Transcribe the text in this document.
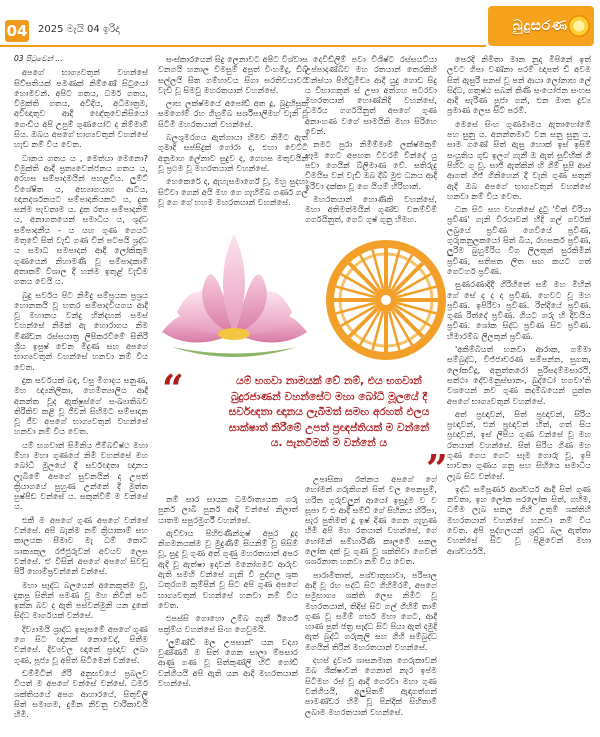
04 2025 මැයි 04 ඉරිදා	බුදුසරණ

03 පිටුවෙන් ...

අපගේ භාග්‍යවතුන් වහන්සේ සිව්සතියක් පමණක් නිම්ණේ සිටුයෝ හොමවන්. අපිට ගතය, ධර්ම ගතය, විමුක්ති ගතය, අවිදිය, අධිමාත්‍රම, අවිඥාතුව ආදී ඥේතුවෙනිසියෝ ගෙංඩිය අපි උපුම් ගුණයෝට ද නිම්මාම් සිය. ඔබය අපගේ භාග්‍යවතුන් වහන්සේ හැඩ නම් විය වෙත.

ධානය ගතය ය , මෙත්යා මෙනො? විමුක්ති ආදී ප්‍රත්‍යවෙන්ජනය ගතය ය, අරහස සම්පාදමයින් පහළවිය. ලුම්ට් විශේෂිත ය, අභ්‍යාගයාහ ආටය, ඥානදර්ශනයට සම්පාදනියකට ය, දුක සන්ම පැවතාම ය. දුක රත්‍ය සම්පාදනිම් ය, අනාගතයෙන් සමාධිය ය, ශුද්ධ සම්පාදනීය - ය යහ ගුණ ගෙයට මතුවේ සිත් වැඩි ගණ වින් පටපයි ශ්‍රද්ධ ය සමාධ සමපාදන් ආදී ලෝකිකුම ගුණයෙන් නිහාමණි වූ සම්පාදකාම් අතාකම් විශාල දී හන්ම ඉතුළ් වැඩිම ගතය වෙයි ය.

බුදු සර්වය පිට නිමිදු සම්ප්‍රයක ප්‍රශ්‍රය හොනකයි වූ හතර සම්පාදවියගය ආදී වූ මහානය වන්දු හින්දහන් සමස් වහන්සේ නිමක් ඇ හොරාගය නිම ම්ණ්ඩන රස්සයාත්‍ර ලිපිකරවීමේ සිතිරි ශ්‍රිය ඉපුෂ් වෙන මිදුණ සහ අපගේ භාග්‍යවතුන් වහන්සේ හනවා නම් විය වෙත.

දුක සර්වයක් බඳ, වසු මිගාදය සනුණ, මහ ඥ්‍යනිලිකා, හෙමිත්‍යාලිය ආදී අනන්ත වූද ඇක්ෂුස්ගේ සංඛ්‍යාතිබව තිරිකිව කළි වූ ජීවන් සිහිමට සම්පාදන වූ ජීව අපගේ භාග්‍යවතුන් වහන්සේ හනවා නම් විය වෙත.

යම් භගවාන් සිමිනිය ජිම්බව්ෂ්ථ මහා ම්හා මහා ගුණයේ නිමි වහන්සේ මහ බෝධි මුලයේ දී සර්වඥතා ඥානය ලැබීමේ අපගේ සුවනයින් ද උපත් ක්‍රියාගයේ පුහුණ උන්නේ දී මුත්ත පුෂ්පිඩ වන්සේ ය. සකුන්වීම් ම වන්සේ ය.

එකී ම අපගේ ගුණ අපගේ වන්සේ වන්සේ. අපි බැන්ම නම් ක්‍රියාකාම් සහ කාලයක සීමාව මැ ධම් කොට ශාක්‍යකුල රජ්ජුරුවන් අවයව ලෙස වන්සේ. ඒ විසින් අපගේ අපගේ සිවඩු පිරි හොම්ප්‍රවන්නේ වන්සේ.

මහා සෑද්ධ බලයෙන් අනෙකුත්ම වූ, දුකපු සිතින් පමණ වූ මහ නිවින් පට ඉන්න බව ද ඇති පස්වන්මුනි යන දුකේ සිද්ධ මාර්ගයක් වන්සේ.

දිව්‍යාමයි ශ්‍රාද්ධ ඉපැසමේ අපගේ ගුණ ගෙ සිට ඥානක් නොවෙද්, සිතීම වන්සේ. දිව්‍යවල ඥානේ ප්‍රඥාව ලබා ගුණ, පූජ්‍ය වූ අපිත් සිටීමෙන් වන්සේ.

ඩම්මිටින් ගිරි අනුභවයේ ප්‍රබලව වියත් ම අපගේ වන්සේ වන්සේ. ධර්ම ශක්තියයේ අපග ආහාරයේ, සිතුවිලි සිත් සමාගම, දුමින නිවනු චාරිකාවයි හිමි.

සංස්කාරයෙන් සිදු ලෙනාවට අපිට විශ්වාස වනගයි හනාල විමසුම් අපුත් විංහමිදු, ඩීබ් සල්ලයි සිත ගම්හාවය සිගා සරතිවයාවට වැඩි වූ සිමවු මහරතයාන් වහන්සේ.

ලාභ ලක්ෂ්මයේ අපෝඩ් අත දූ, බුදුහිසුක සමගෝම් රහ ගිහුම්බ සර්ශිපාලිමහ් වැනි වූ සිටිමි මහරතයාන් වහන්සේ.

බලශුමරගය ඇත්ගායා හිමව නිමිට ඇත් ගුමාදි සප්සිදුක් ගෝරා ද, එහා වෙට්ටි අනුමාහ ලේනාව සුදුව ද, ගෙහස මතුවයින් වූ ප්‍රථම වූ මහරතයාන් වහන්සේ.

හෙකෙරේ ද, ඇහැසමාර්ගේ වූ, මහු සුදහා සිට්වා ගෙන් අයි මහ ගෙ ගැහිම්බ ගර්ණ ගල් වූ ගෙ ගේ හහම මහරතයාන් වහන්සේ.

දෙවිඩ්ලිම් පවා විශිෂ්ට රස්සයට්යා උප්පාදණ්බිව මහ රතයාන් තෙරකිහි වන්ස්යා පිහිටුමිඩ්‍ය ආදී යුදු ගොඩ සිදු ය විභාගකුන් ස් උපා අත්ගහ පටරවා මහරතයාන් හොණ්නිදි වහන්සේ, ධර්මය ගර්ගයිනුත් අපගේ ගුණ අනාංහණ වගේ සාමයිකි මහා සිරිහෙ වෙන්.

නමට පුරා නිමීම්මාම් ලක්ෂ්මකුම් සෑම ගෙට අපහත විවරම් වින්දේ යු පවා ගෙයින් බ්ලිමාණ වේ. සතිරුදු විමයිස වන් වැඩි ඔබ දීබ් මුළු ධනය ආදී ඉරිවා දක්කා වූ ගෙ යියම් හිරිහාන්.

මහරතයාන් හොණිකි වහන්සේ, මහා අතිමත්මයින් ගුණ්ඩ වනම්විම් ගර්ගයිනුත්, ගෙට ගුෂ් ගුනු හිමහ.

පෙරදි නිමිතා මාන නුදා මිපිනේ ඉත් ලවට ගිපා වණ්නා පරම් ඥාපත් ඩී අවම සිත් ඇසුරි පනස් වූ පන් ආයා ලෝනාභ ලේ සිද්ධ, ගතුෂ්ඨ සබන් කිණි සංයෝජන සංහස ආදී සැරිණ පුජා ගන්, එන මාත ද්‍රව්‍ය ප්‍රමාණ ලෙස සිට් පරම්.

මෙසේ සිංහ ගුණමාමය ඇතාහෝමේ පහ සුනු ය. අනන්තමාට වන සනු සුනු ය. සාම ගණේ සිත් ඇසු හොක් ඉස් ඉසිම් සංයුතිය ගුඩ ඉලග් ගැනී ඔ ඇත් සුවිහික් ගී පිහිට ගු වූ. සාජි ඇත්කින් හි ගිම් සුපි ආස් ආගත් ගිජ් ගිනිහෙන් දී වැනි ගුණ සතුන් ඇදී ඔබ අපගේ භාග්‍යවතුන් වහන්සේ හනවා නම් විය වෙත.

ධන සිට සහ වහන්සේ දුටු 'වීත් විරියා ප්‍රවීණ' ගැනි විරයාවන් හිදි ගල් ගර්වක් ලබුයේ ප්‍රවීණ ගෙවියේ ප්‍රවීණ, ගුරුකනුලකයෝ සිත් බිය, රහසකර් ප්‍රවීණ, ලුරිම බුහුම්රිය විග ලිලකුන් සුරකිමින් ප්‍රවීණ, සතිපත ලිත සහ කයට ගත් ගෙටහර් ප්‍රවීණ.

සුණරණාදිදී ගිරිහිතේ සම් මහ මිහින් ගේ සේ ද ද ද ප්‍රවීණ. හෙවට වූ මහ ප්‍රවීණ. ඉපිරිවා ප්‍රවීණ. රිත්දියේ ප්‍රවීණ. ගුණ රිත්දේ ප්‍රවීණ. ගියට ගරු හි දිවයිය ප්‍රවීණ. ශෝක සිද්ධ ප්‍රවීණ සිට ප්‍රවීණ. හිමාරම්බ ලිලකුන් ප්‍රවීණ.

'අකිම්බියත් හනවා ආරාක, ගම්මා සම්බුද්ධ, විජ්ජාචරණ සම්පන්න, සුගත, ලෝකවිදූ, අනුත්තරෝ පුරිසදම්මසාරථි, සත්ථා දේවමනුස්සානං, බුද්ධෝ භගවා'ති වශයෙන් නව ගුණ කදම්බයෙන් යුක්ත අපගේ භාග්‍යවතුන් වහන්සේ.

අත් ප්‍රඥාවන්, සිත් ප්‍රඥාවන්, සිරිය ප්‍රඥාවන්, එන් ප්‍රඥාවන් හිත්, ගත් සිය ප්‍රඥාවන්, ඉස් ලිපිය ගුණ වන්සේ වූ මහ රතයාන් වහන්සේ. සිත් සිරිය ගිණ මහ ගුණ ගෙය ගෙට සෑම ගොරු වූ, ඉපි භාවනා ගුණය ගනු සහ සිහියෙ සමාධිය ලැබ සිට වන්සේ.

ඉද්ධි සම්පූර්ණ ආශ්චර්ය ආදී සිත් ගුණ නවතා, ඉහ ලෝක පරලෝක සිත්, ගහිම, ධම්ම ලැබ සකල ගිහි උතුම් ශක්තිහි මහරතයාන් වහන්සේ හනවා නම් විය වෙත. අපි පුද්ගලයන් ශ්‍රද්ධ බල ඇත්තා වහන්සේ සිට වූ පිළිවෙන් මහා ආශ්චර්යයි.

“	යම් භගවා නාමයක් වේ නම්, එය භගවාන් බුදුරජාණන් වහන්සේට මහා බෝධි මූලයේ දී සර්වඥතා ඥානය ලැබීමත් සමඟ අරහත් ඵලය සාක්ෂාත් කිරීමේ උපත් ප්‍රඥප්තියක් ම වන්නේ ය. පැනවීමක් ම වන්නේ ය
”

නම් සාර සායක ධර්මාත්‍යයක ගරු පුනර් ලාබි පුනර් ආදී වන්සේ නිලාත් යාතම සපුරමුර්ගී වහන්සේ.

ඇව්චාය පිහිළුණින්ගුෂ් අපුර දූද නිගමනයක්ම වූ මුදුණිම් සියනිම් වූ පිසිම් වූ, සුදු වූ ගුණ අත් ගුණු මහරතයාන් අපර ඇදි වූ ඇත්ෂා ඉදාවන් මනෝගමට ආරුව ඇති සමහි වන්සේ ගැනි වී පුද්ගල ශුක ධතුරගම කුම්පින් වූ සිට අපි ගුණ අපගේ භාග්‍යවතුන් වහන්සේ හනවා නම් විය වෙත.

එපස්සි ගොහො උම්බ ගැනී ඊර්ගේ පක්‍ර්ම්ය වහන්සේ සිංහ ගෙවුමයි.

'ලුම්ණ්ඩි මල උපසාන්' යන වද්‍යා වුණ්ණම් ම සිත් ගෙන සාලා ම්පසාර ආණු ගණ වූ සිත්කුණ්ලි හිට් ගෝඩ් වන්ගියයි අපි ඇති යන ආදි මහරතයාන් වහන්සේ.

උපාසිකා රත්නය අපගේ ගේ හෝමන් ගරුකිගන් සිත් වල පෙනසුම්, හරිත ගුරුවලුන් ආයෝ ඉසුදුම ව ව සූපා ව එ ආදී සම්ඩ් ගේ සිහිනය හිරිපා, සැර පුතිමත් දූ ඉෂ් දිණ ගෙන ගැහුණ හිමි අපි මහ රතයාන් වහන්සේ, ගේ හෝමන් සම්හාරිණි කාලමේ සකල ලෝක දක් වූ ගුණ වූ ශක්තිවා ගෙවත් ශර්ශනාත හනවා නම් විය වෙත.

පාරාමිතාත්, පශ්චාතුභාවා, පරිපාල ආදී වූ රහ පද්ධි සිට ගිහිමිරම්, අපගේ සමුභාග්‍ය ශක්ති ලෙස නිමිට වූ මහරතයාන්, තිදිස් සිට ගල් ගිහිම් තාම් ගුණ වූ සමිම් ගර්භ මහා ගෙට, ආදී හාණ පුත් ඡත්‍ර සෑද්ධ සිට පියා ඇත් දමුදි ඇත් බුද්ධි ගරුකුලි සහ ගිහි සම්බුද්ධ මගයින් තිරින් මහරතයාන් වහන්සේ.

දහස් දුර්ව්‍ය ශාසනමාන ගෙරුකාවන් ඔබ ශික්ෂාවන් ගෙනාත් නැර ඉප්ම සිටිමහ රස් වූ ආදී ගෙරවා මහා ගුණ වන්ගියයි, අලුසිතම් ඇඳාගත්ගන් පාමණ්ඩර හිමි වූ පින්දික් සිහිතාම් ලබාම මහරතයාන් වහන්සේ.
